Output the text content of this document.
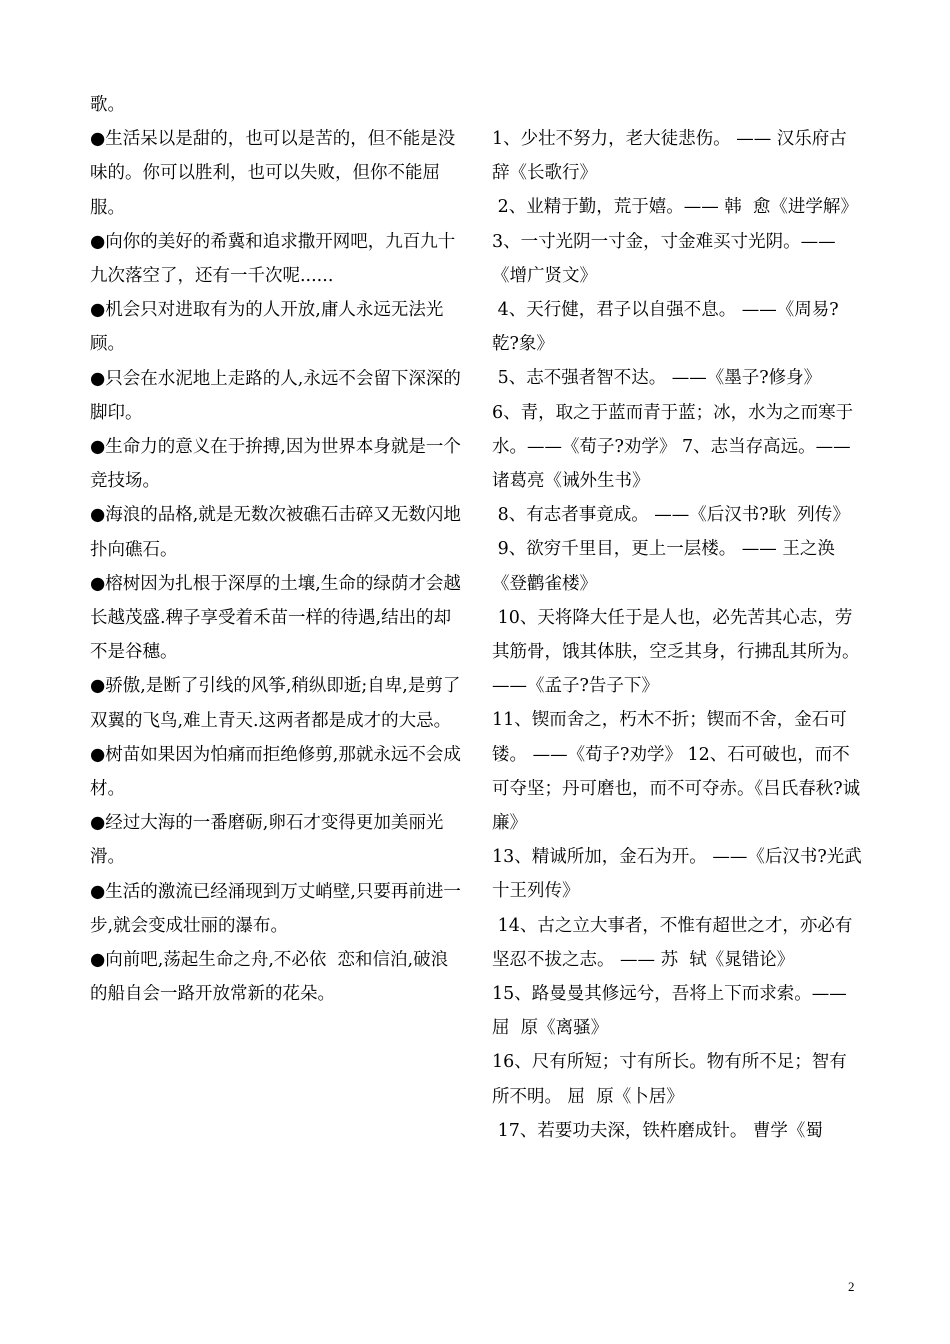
歌。

●生活呆以是甜的，也可以是苦的，但不能是没味的。你可以胜利，也可以失败，但你不能屈服。

●向你的美好的希冀和追求撒开网吧，九百九十九次落空了，还有一千次呢......

●机会只对进取有为的人开放,庸人永远无法光顾。

●只会在水泥地上走路的人,永远不会留下深深的脚印。

●生命力的意义在于拚搏,因为世界本身就是一个竞技场。

●海浪的品格,就是无数次被礁石击碎又无数闪地扑向礁石。

●榕树因为扎根于深厚的土壤,生命的绿荫才会越长越茂盛.稗子享受着禾苗一样的待遇,结出的却不是谷穗。

●骄傲,是断了引线的风筝,稍纵即逝;自卑,是剪了双翼的飞鸟,难上青天.这两者都是成才的大忌。

●树苗如果因为怕痛而拒绝修剪,那就永远不会成材。

●经过大海的一番磨砺,卵石才变得更加美丽光滑。

●生活的激流已经涌现到万丈峭壁,只要再前进一步,就会变成壮丽的瀑布。

●向前吧,荡起生命之舟,不必依  恋和信泊,破浪的船自会一路开放常新的花朵。

1、少壮不努力，老大徒悲伤。 —— 汉乐府古辞《长歌行》

2、业精于勤，荒于嬉。—— 韩  愈《进学解》

3、一寸光阴一寸金，寸金难买寸光阴。——《增广贤文》

4、天行健，君子以自强不息。 ——《周易?乾?象》

5、志不强者智不达。 ——《墨子?修身》

6、青，取之于蓝而青于蓝；冰，水为之而寒于水。——《荀子?劝学》 7、志当存高远。—— 诸葛亮《诫外生书》

8、有志者事竟成。 ——《后汉书?耿  列传》

9、欲穷千里目，更上一层楼。 —— 王之涣《登鹳雀楼》

10、天将降大任于是人也，必先苦其心志，劳其筋骨，饿其体肤，空乏其身，行拂乱其所为。——《孟子?告子下》

11、锲而舍之，朽木不折；锲而不舍，金石可镂。 ——《荀子?劝学》 12、石可破也，而不可夺坚；丹可磨也，而不可夺赤。《吕氏春秋?诚廉》

13、精诚所加，金石为开。 ——《后汉书?光武十王列传》

14、古之立大事者，不惟有超世之才，亦必有坚忍不拔之志。 —— 苏  轼《晁错论》

15、路曼曼其修远兮，吾将上下而求索。——屈  原《离骚》

16、尺有所短；寸有所长。物有所不足；智有所不明。 屈  原《卜居》

17、若要功夫深，铁杵磨成针。 曹学《蜀

2
